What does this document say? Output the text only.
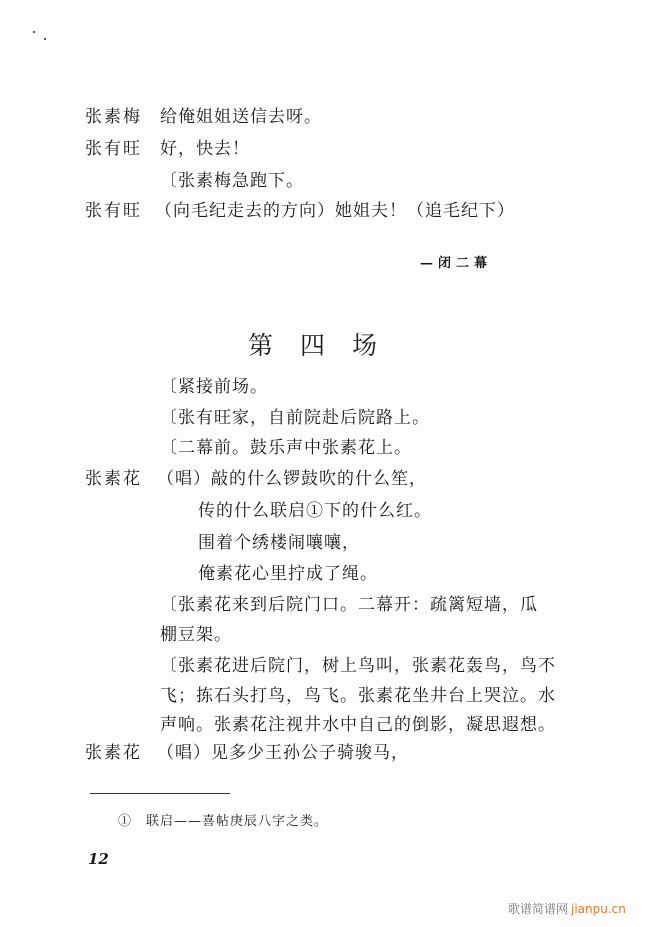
张素梅 给俺姐姐送信去呀。
张有旺 好，快去！
〔张素梅急跑下。
张有旺 （向毛纪走去的方向）她姐夫！（追毛纪下）
—闭二幕
第 四 场
〔紧接前场。
〔张有旺家，自前院赴后院路上。
〔二幕前。鼓乐声中张素花上。
张素花 （唱）敲的什么锣鼓吹的什么笙，
传的什么联启①下的什么红。
围着个绣楼闹嚷嚷，
俺素花心里拧成了绳。
〔张素花来到后院门口。二幕开：疏篱短墙，瓜
棚豆架。
〔张素花进后院门，树上鸟叫，张素花轰鸟，鸟不
飞；拣石头打鸟，鸟飞。张素花坐井台上哭泣。水
声响。张素花注视井水中自己的倒影，凝思遐想。
张素花 （唱）见多少王孙公子骑骏马，
①　联启——喜帖庚辰八字之类。
12
歌谱简谱网 jianpu.cn
